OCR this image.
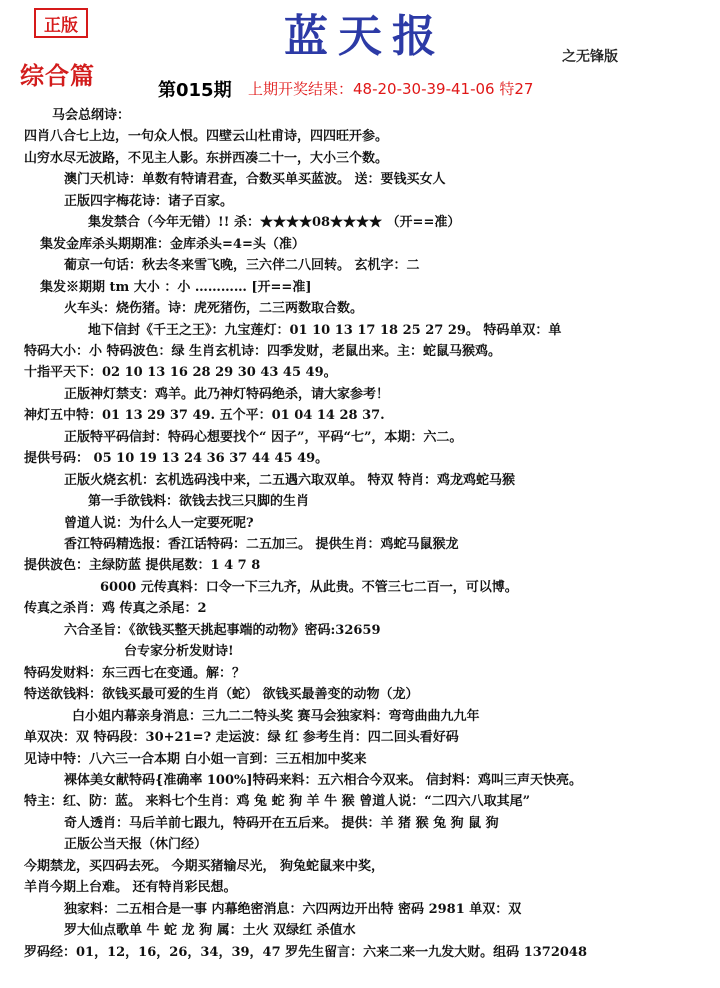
正版	蓝天报	之无锋版
综合篇
第015期 上期开奖结果：48-20-30-39-41-06 特27
马会总纲诗：
四肖八合七上边，一句众人恨。四壁云山杜甫诗，四四旺开参。
山穷水尽无波路，不见主人影。东拼西凑二十一，大小三个数。
澳门天机诗：单数有特请君查，合数买单买蓝波。 送：要钱买女人
正版四字梅花诗：诸子百家。
集发禁合（今年无错）!! 杀：★★★★08★★★★ （开==准）
集发金库杀头期期准：金库杀头=4=头（准）
葡京一句话：秋去冬来雪飞晚，三六伴二八回转。 玄机字：二
集发※期期 tm 大小 ：小 ………… [开==准]
火车头：烧伤猪。诗：虎死猪伤，二三两数取合数。
地下信封《千王之王》：九宝莲灯：01 10 13 17 18 25 27 29。 特码单双：单
特码大小：小 特码波色：绿 生肖玄机诗：四季发财，老鼠出来。主：蛇鼠马猴鸡。
十指平天下：02 10 13 16 28 29 30 43 45 49。
正版神灯禁支：鸡羊。此乃神灯特码绝杀，请大家参考！
神灯五中特：01 13 29 37 49. 五个平：01 04 14 28 37.
正版特平码信封：特码心想要找个“ 因子”，平码“七”，本期：六二。
提供号码： 05 10 19 13 24 36 37 44 45 49。
正版火烧玄机：玄机选码浅中来，二五遇六取双单。 特双 特肖：鸡龙鸡蛇马猴
第一手欲钱料：欲钱去找三只脚的生肖
曾道人说：为什么人一定要死呢?
香江特码精选报：香江话特码：二五加三。 提供生肖：鸡蛇马鼠猴龙
提供波色：主绿防蓝 提供尾数：1 4 7 8
6000 元传真料：口令一下三九齐，从此贵。不管三七二百一，可以博。
传真之杀肖：鸡 传真之杀尾：2
六合圣旨：《欲钱买整天挑起事端的动物》密码:32659
台专家分析发财诗!
特码发财料：东三西七在变通。解：？
特送欲钱料：欲钱买最可爱的生肖（蛇） 欲钱买最善变的动物（龙）
白小姐内幕亲身消息：三九二二特头奖 赛马会独家料：弯弯曲曲九九年
单双决：双 特码段：30+21=? 走运波：绿 红 参考生肖：四二回头看好码
见诗中特：八六三一合本期 白小姐一言到：三五相加中奖来
裸体美女献特码{准确率 100%]特码来料：五六相合今双来。 信封料：鸡叫三声天快亮。
特主：红、防：蓝。 来料七个生肖：鸡 兔 蛇 狗 羊 牛 猴 曾道人说：“二四六八取其尾”
奇人透肖：马后羊前七跟九，特码开在五后来。 提供：羊 猪 猴 兔 狗 鼠 狗
正版公当天报（休门经）
今期禁龙，买四码去死。 今期买猪输尽光， 狗兔蛇鼠来中奖，
羊肖今期上台难。 还有特肖彩民想。
独家料：二五相合是一事 内幕绝密消息：六四两边开出特 密码 2981 单双：双
罗大仙点歌单 牛 蛇 龙 狗 属：土火 双绿红 杀值水
罗码经：01，12，16，26，34，39，47 罗先生留言：六来二来一九发大财。组码 1372048
